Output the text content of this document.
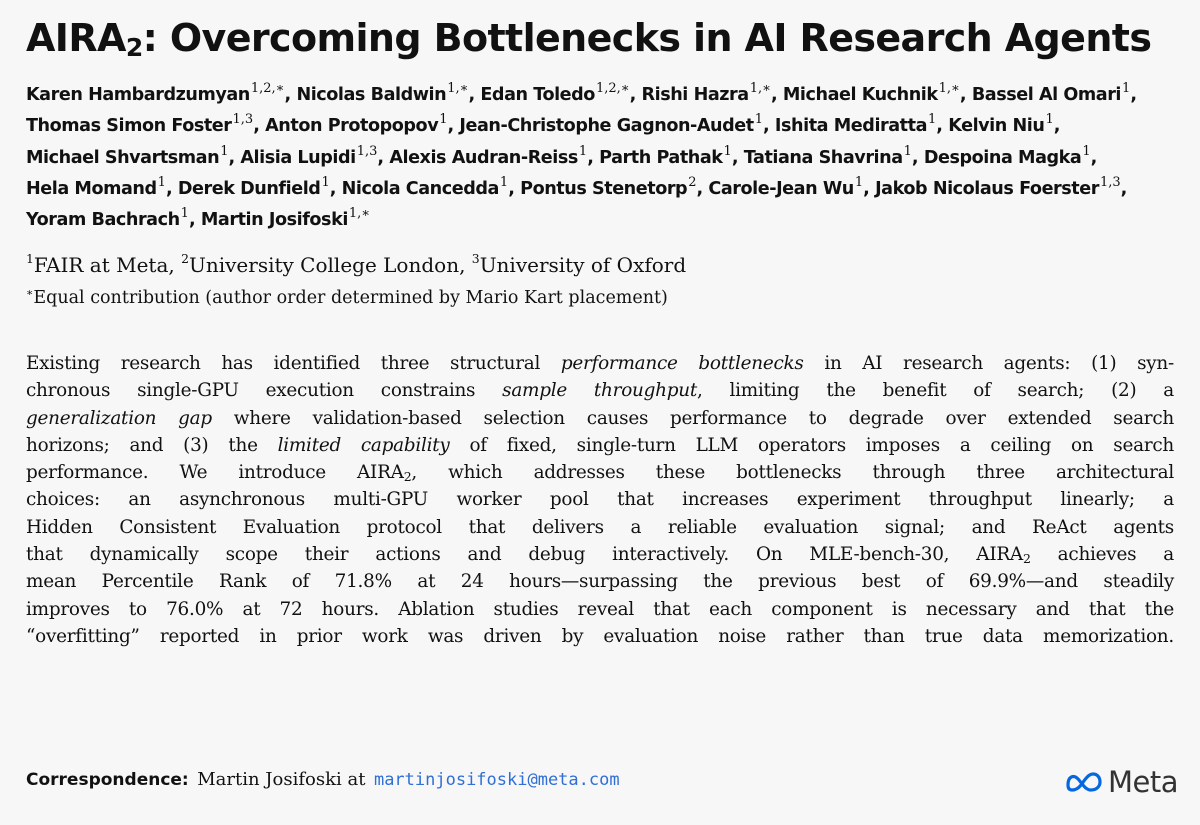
$AIRA_2$: Overcoming Bottlenecks in AI Research Agents
Karen Hambardzumyan$^{1,2,∗}$, Nicolas Baldwin$^{1,∗}$, Edan Toledo$^{1,2,∗}$, Rishi Hazra$^{1,∗}$, Michael Kuchnik$^{1,∗}$, Bassel Al Omari$^1$, Thomas Simon Foster$^{1,3}$, Anton Protopopov$^1$, Jean-Christophe Gagnon-Audet$^1$, Ishita Mediratta$^1$, Kelvin Niu$^1$, Michael Shvartsman$^1$, Alisia Lupidi$^{1,3}$, Alexis Audran-Reiss$^1$, Parth Pathak$^1$, Tatiana Shavrina$^1$, Despoina Magka$^1$, Hela Momand$^1$, Derek Dunfield$^1$, Nicola Cancedda$^1$, Pontus Stenetorp$^2$, Carole-Jean Wu$^1$, Jakob Nicolaus Foerster$^{1,3}$, Yoram Bachrach$^1$, Martin Josifoski$^{1,∗}$
$^1$FAIR at Meta, $^2$University College London, $^3$University of Oxford
∗Equal contribution (author order determined by Mario Kart placement)

Existing research has identified three structural performance bottlenecks in AI research agents: (1) syn-
chronous single-GPU execution constrains sample throughput, limiting the benefit of search; (2) a
generalization gap where validation-based selection causes performance to degrade over extended search
horizons; and (3) the limited capability of fixed, single-turn LLM operators imposes a ceiling on search
performance. We introduce $AIRA_2$, which addresses these bottlenecks through three architectural
choices: an asynchronous multi-GPU worker pool that increases experiment throughput linearly; a
Hidden Consistent Evaluation protocol that delivers a reliable evaluation signal; and ReAct agents
that dynamically scope their actions and debug interactively. On MLE-bench-30, $AIRA_2$ achieves a
mean Percentile Rank of 71.8% at 24 hours—surpassing the previous best of 69.9%—and steadily
improves to 76.0% at 72 hours. Ablation studies reveal that each component is necessary and that the
“overfitting” reported in prior work was driven by evaluation noise rather than true data memorization.

Correspondence: Martin Josifoski at martinjosifoski@meta.com	Meta
